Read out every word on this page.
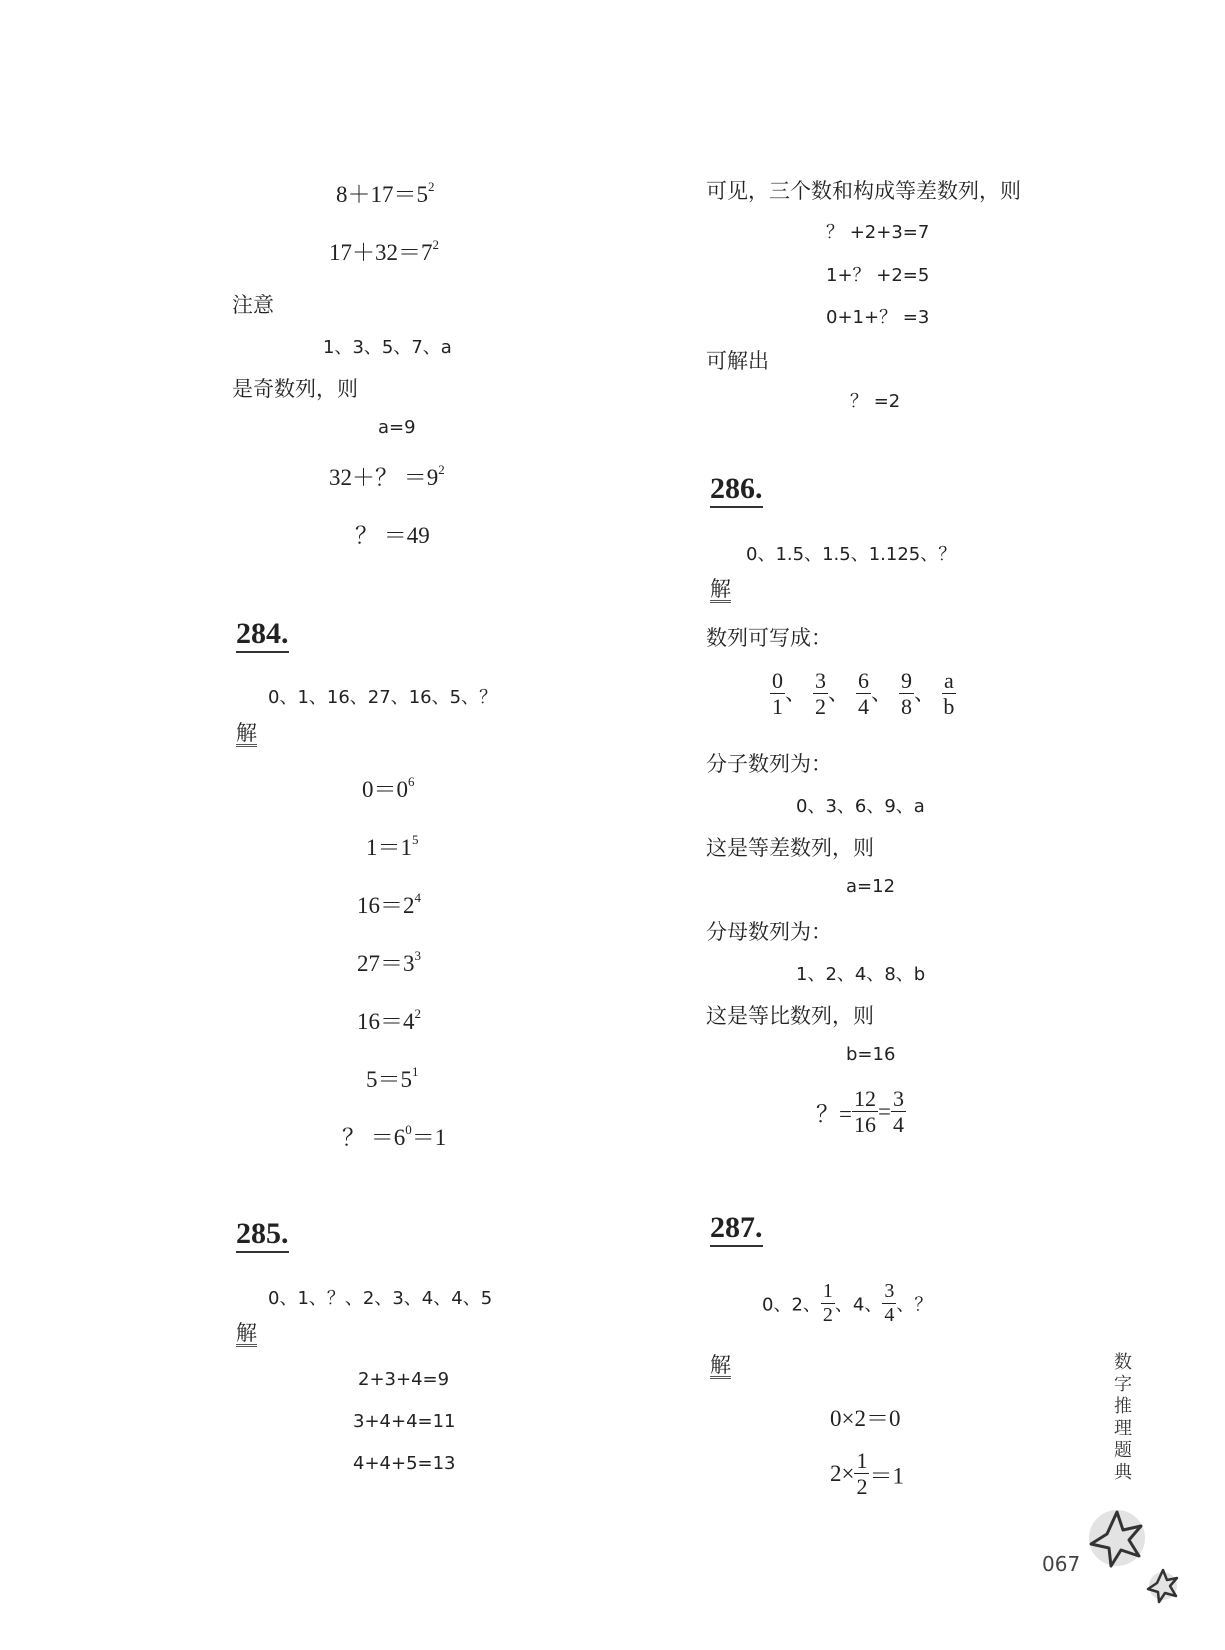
$8+17=5^2$
$17+32=7^2$
注意
1、3、5、7、a
是奇数列，则
a=9
32＋？ $=9^2$
？ ＝49
284.
0、1、16、27、16、5、？
解
$0=0^6$
$1=1^5$
$16=2^4$
$27=3^3$
$16=4^2$
$5=5^1$
？ $=6^0=1$
285.
0、1、？、2、3、4、4、5
解
2+3+4=9
3+4+4=11
4+4+5=13
可见，三个数和构成等差数列，则
？ +2+3=7
1+？ +2=5
0+1+？ =3
可解出
？ =2
286.
0、1.5、1.5、1.125、？
解
数列可写成：
$\frac{0}{1}$ 、 $\frac{3}{2}$ 、 $\frac{6}{4}$ 、 $\frac{9}{8}$ 、 $\frac{a}{b}$
分子数列为：
0、3、6、9、a
这是等差数列，则
a=12
分母数列为：
1、2、4、8、b
这是等比数列，则
b=16
？= $\frac{12}{16} = \frac{3}{4}$
287.
0、2、 $\frac{1}{2}$ 、4、 $\frac{3}{4}$ 、？
解
0×2＝0
$2\times \frac{1}{2} =1$
数
字
推
理
题
典
067
